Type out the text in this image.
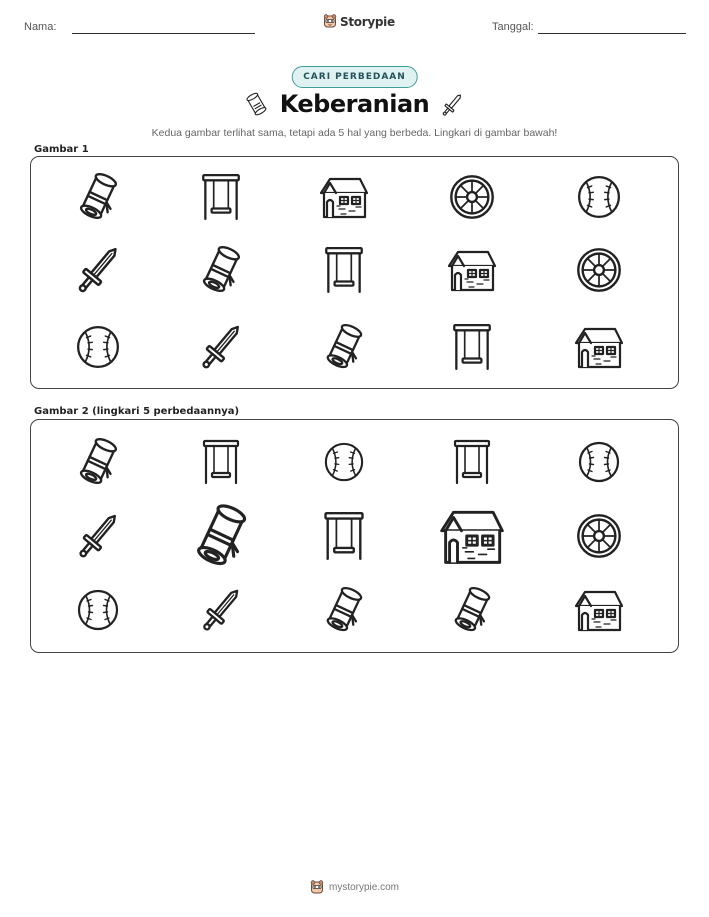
Nama:	Storypie	Tanggal:
CARI PERBEDAAN
Keberanian
Kedua gambar terlihat sama, tetapi ada 5 hal yang berbeda. Lingkari di gambar bawah!
Gambar 1
Gambar 2 (lingkari 5 perbedaannya)
mystorypie.com
